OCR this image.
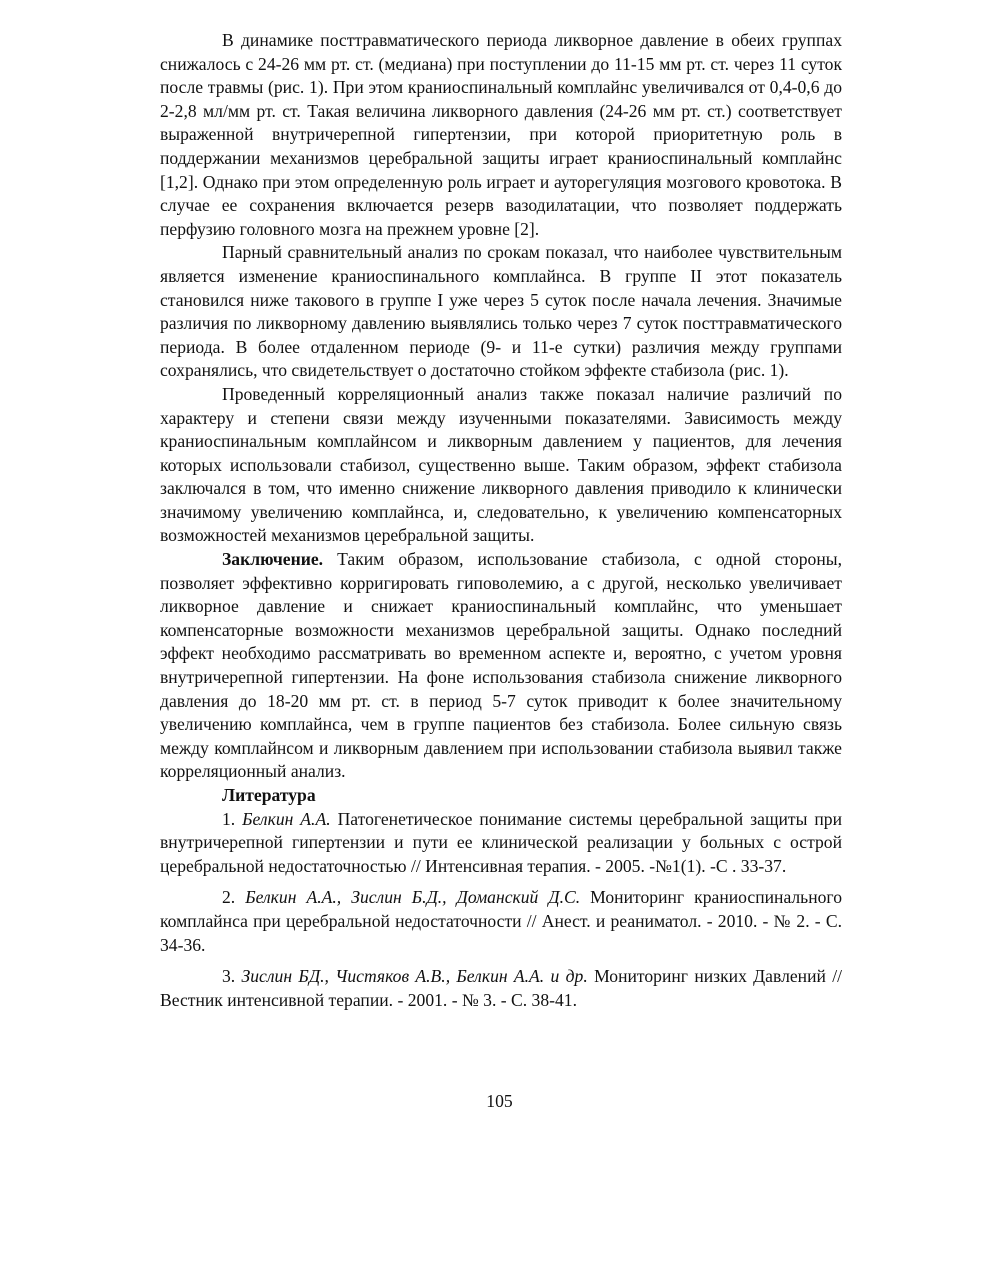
В динамике посттравматического периода ликворное давление в обеих группах снижалось с 24-26 мм рт. ст. (медиана) при поступлении до 11-15 мм рт. ст. через 11 суток после травмы (рис. 1). При этом краниоспинальный комплайнс увеличивался от 0,4-0,6 до 2-2,8 мл/мм рт. ст. Такая величина ликворного давления (24-26 мм рт. ст.) соответствует выраженной внутричерепной гипертензии, при которой приоритетную роль в поддержании механизмов церебральной защиты играет краниоспинальный комплайнс [1,2]. Однако при этом определенную роль играет и ауторегуляция мозгового кровотока. В случае ее сохранения включается резерв вазодилатации, что позволяет поддержать перфузию головного мозга на прежнем уровне [2].

Парный сравнительный анализ по срокам показал, что наиболее чувствительным является изменение краниоспинального комплайнса. В группе II этот показатель становился ниже такового в группе I уже через 5 суток после начала лечения. Значимые различия по ликворному давлению выявлялись только через 7 суток посттравматического периода. В более отдаленном периоде (9- и 11-е сутки) различия между группами сохранялись, что свидетельствует о достаточно стойком эффекте стабизола (рис. 1).

Проведенный корреляционный анализ также показал наличие различий по характеру и степени связи между изученными показателями. Зависимость между краниоспинальным комплайнсом и ликворным давлением у пациентов, для лечения которых использовали стабизол, существенно выше. Таким образом, эффект стабизола заключался в том, что именно снижение ликворного давления приводило к клинически значимому увеличению комплайнса, и, следовательно, к увеличению компенсаторных возможностей механизмов церебральной защиты.

Заключение. Таким образом, использование стабизола, с одной стороны, позволяет эффективно корригировать гиповолемию, а с другой, несколько увеличивает ликворное давление и снижает краниоспинальный комплайнс, что уменьшает компенсаторные возможности механизмов церебральной защиты. Однако последний эффект необходимо рассматривать во временном аспекте и, вероятно, с учетом уровня внутричерепной гипертензии. На фоне использования стабизола снижение ликворного давления до 18-20 мм рт. ст. в период 5-7 суток приводит к более значительному увеличению комплайнса, чем в группе пациентов без стабизола. Более сильную связь между комплайнсом и ликворным давлением при использовании стабизола выявил также корреляционный анализ.

Литература
1. Белкин А.А. Патогенетическое понимание системы церебральной защиты при внутричерепной гипертензии и пути ее клинической реализации у больных с острой церебральной недостаточностью // Интенсивная терапия. - 2005. -№1(1). -С . 33-37.
2. Белкин А.А., Зислин Б.Д., Доманский Д.С. Мониторинг краниоспинального комплайнса при церебральной недостаточности // Анест. и реаниматол. - 2010. - № 2. - С. 34-36.
3. Зислин БД., Чистяков А.В., Белкин А.А. и др. Мониторинг низких Давлений // Вестник интенсивной терапии. - 2001. - № 3. - С. 38-41.
105
